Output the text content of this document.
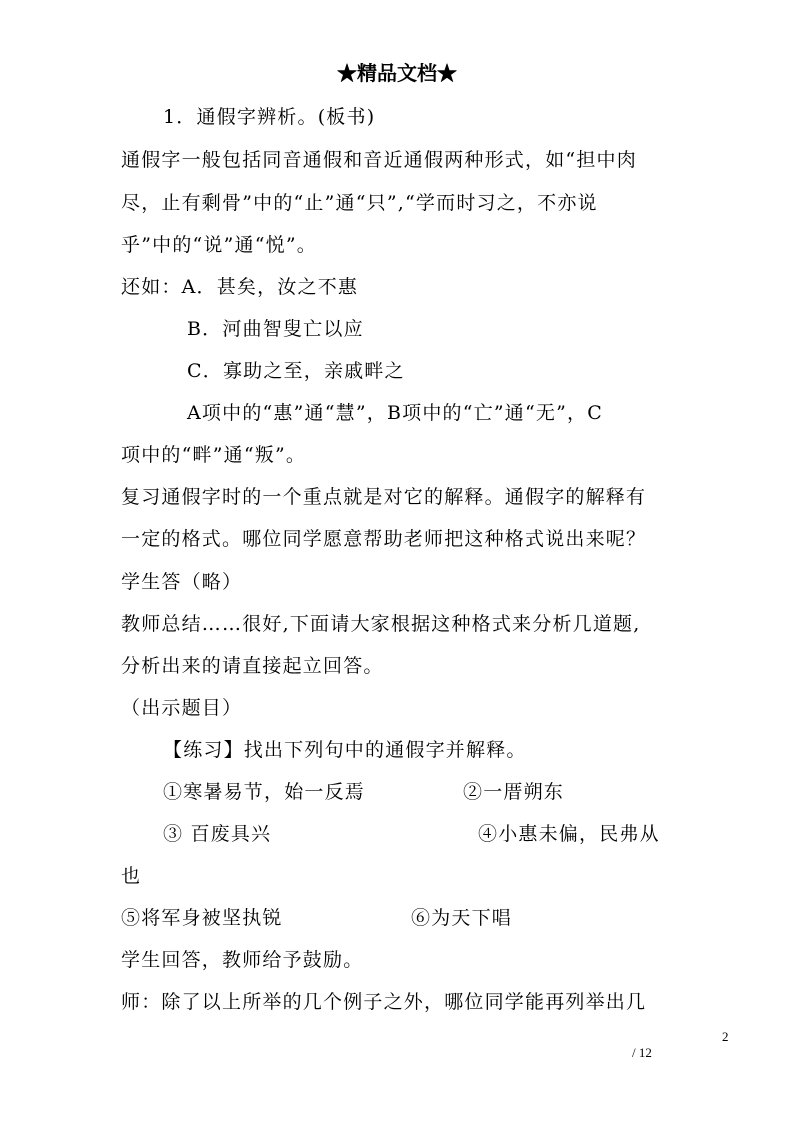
★精品文档★
1．通假字辨析。(板书)
通假字一般包括同音通假和音近通假两种形式，如“担中肉
尽，止有剩骨”中的“止”通“只”,“学而时习之，不亦说
乎”中的“说”通“悦”。
还如：A．甚矣，汝之不惠
B．河曲智叟亡以应
C．寡助之至，亲戚畔之
A项中的“惠”通“慧”，B项中的“亡”通“无”，C
项中的“畔”通“叛”。
复习通假字时的一个重点就是对它的解释。通假字的解释有
一定的格式。哪位同学愿意帮助老师把这种格式说出来呢？
学生答（略）
教师总结……很好,下面请大家根据这种格式来分析几道题,
分析出来的请直接起立回答。
（出示题目）
【练习】找出下列句中的通假字并解释。
①寒暑易节，始一反焉	②一厝朔东
③ 百废具兴	④小惠未偏，民弗从
也
⑤将军身被坚执锐	⑥为天下唱
学生回答，教师给予鼓励。
师：除了以上所举的几个例子之外，哪位同学能再列举出几
2
/ 12
